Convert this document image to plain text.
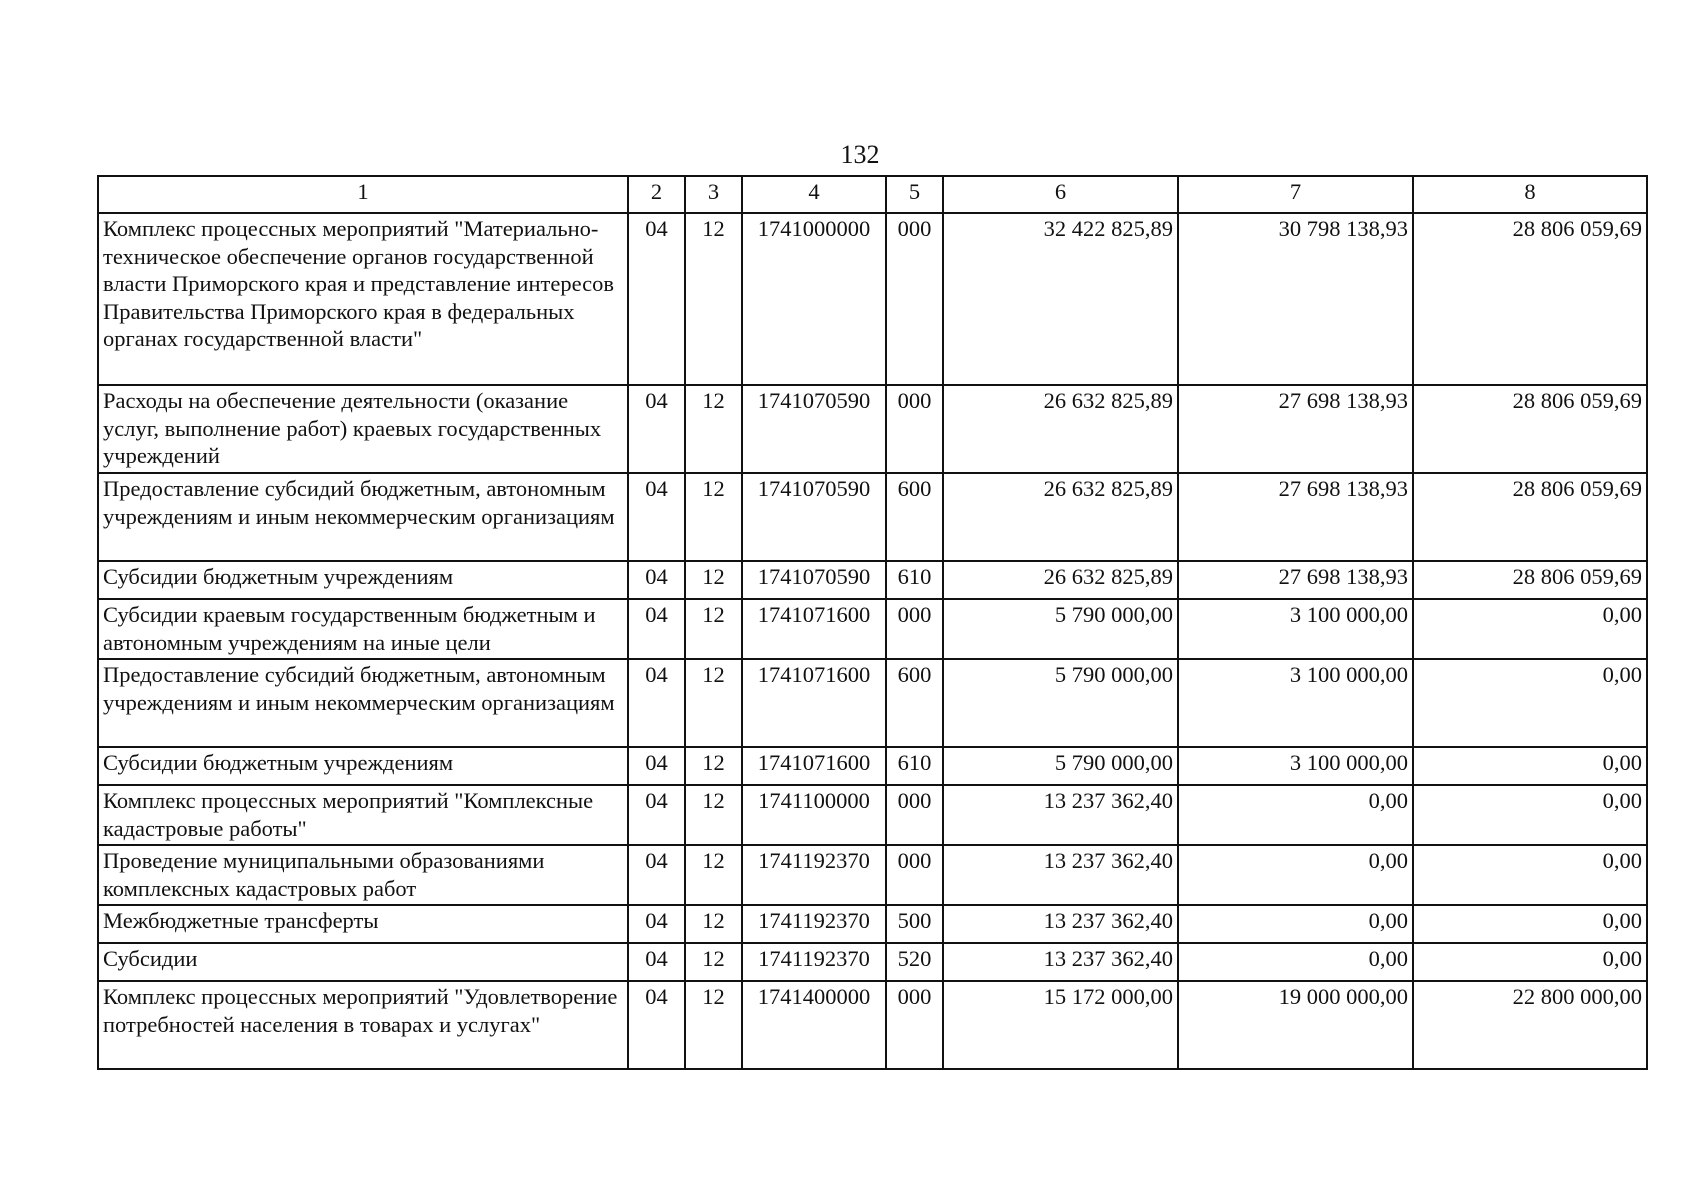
132
1	2	3	4	5	6	7	8
Комплекс процессных мероприятий "Материально-техническое обеспечение органов государственной власти Приморского края и представление интересов Правительства Приморского края в федеральных органах государственной власти"	04	12	1741000000	000	32 422 825,89	30 798 138,93	28 806 059,69
Расходы на обеспечение деятельности (оказание услуг, выполнение работ) краевых государственных учреждений	04	12	1741070590	000	26 632 825,89	27 698 138,93	28 806 059,69
Предоставление субсидий бюджетным, автономным учреждениям и иным некоммерческим организациям	04	12	1741070590	600	26 632 825,89	27 698 138,93	28 806 059,69
Субсидии бюджетным учреждениям	04	12	1741070590	610	26 632 825,89	27 698 138,93	28 806 059,69
Субсидии краевым государственным бюджетным и автономным учреждениям на иные цели	04	12	1741071600	000	5 790 000,00	3 100 000,00	0,00
Предоставление субсидий бюджетным, автономным учреждениям и иным некоммерческим организациям	04	12	1741071600	600	5 790 000,00	3 100 000,00	0,00
Субсидии бюджетным учреждениям	04	12	1741071600	610	5 790 000,00	3 100 000,00	0,00
Комплекс процессных мероприятий "Комплексные кадастровые работы"	04	12	1741100000	000	13 237 362,40	0,00	0,00
Проведение муниципальными образованиями комплексных кадастровых работ	04	12	1741192370	000	13 237 362,40	0,00	0,00
Межбюджетные трансферты	04	12	1741192370	500	13 237 362,40	0,00	0,00
Субсидии	04	12	1741192370	520	13 237 362,40	0,00	0,00
Комплекс процессных мероприятий "Удовлетворение потребностей населения в товарах и услугах"	04	12	1741400000	000	15 172 000,00	19 000 000,00	22 800 000,00
